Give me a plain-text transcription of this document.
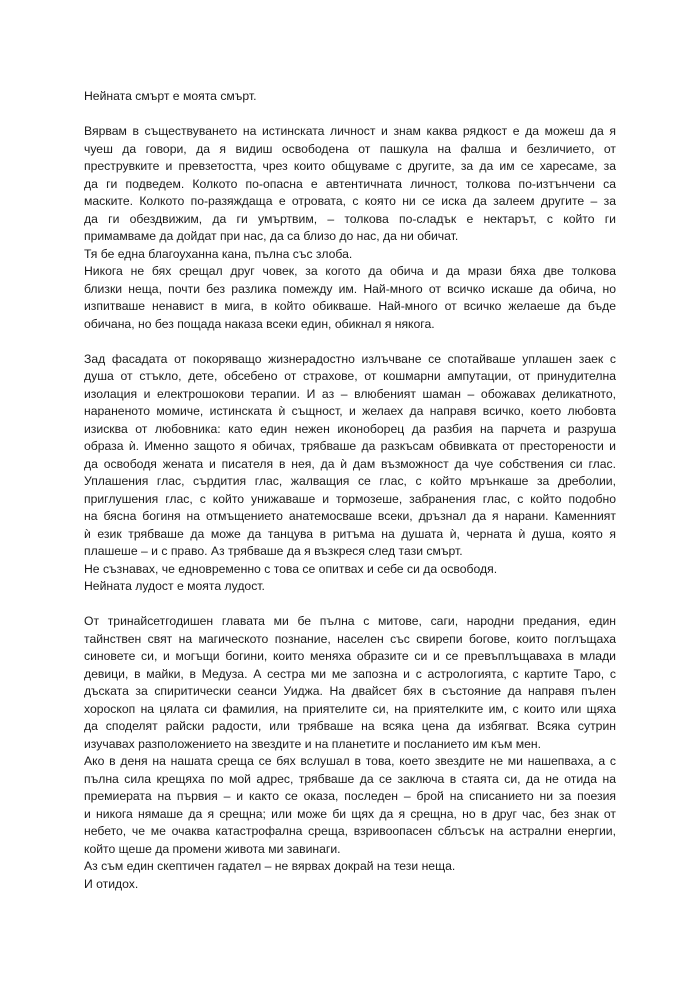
Нейната смърт е моята смърт.
Вярвам в съществуването на истинската личност и знам каква рядкост е да можеш да я
чуеш да говори, да я видиш освободена от пашкула на фалша и безличието, от
преструвките и превзетостта, чрез които общуваме с другите, за да им се харесаме, за
да ги подведем. Колкото по-опасна е автентичната личност, толкова по-изтънчени са
маските. Колкото по-разяждаща е отровата, с която ни се иска да залеем другите – за
да ги обездвижим, да ги умъртвим, – толкова по-сладък е нектарът, с който ги
примамваме да дойдат при нас, да са близо до нас, да ни обичат.
Тя бе една благоуханна кана, пълна със злоба.
Никога не бях срещал друг човек, за когото да обича и да мрази бяха две толкова
близки неща, почти без разлика помежду им. Най-много от всичко искаше да обича, но
изпитваше ненавист в мига, в който обикваше. Най-много от всичко желаеше да бъде
обичана, но без пощада наказа всеки един, обикнал я някога.
Зад фасадата от покоряващо жизнерадостно излъчване се спотайваше уплашен заек с
душа от стъкло, дете, обсебено от страхове, от кошмарни ампутации, от принудителна
изолация и електрошокови терапии. И аз – влюбеният шаман – обожавах деликатното,
нараненото момиче, истинската ѝ същност, и желаех да направя всичко, което любовта
изисква от любовника: като един нежен иконоборец да разбия на парчета и разруша
образа ѝ. Именно защото я обичах, трябваше да разкъсам обвивката от престорености и
да освободя жената и писателя в нея, да ѝ дам възможност да чуе собствения си глас.
Уплашения глас, сърдития глас, жалващия се глас, с който мрънкаше за дреболии,
приглушения глас, с който унижаваше и тормозеше, забранения глас, с който подобно
на бясна богиня на отмъщението анатемосваше всеки, дръзнал да я нарани. Каменният
ѝ език трябваше да може да танцува в ритъма на душата ѝ, черната ѝ душа, която я
плашеше – и с право. Аз трябваше да я възкреся след тази смърт.
Не съзнавах, че едновременно с това се опитвах и себе си да освободя.
Нейната лудост е моята лудост.
От тринайсетгодишен главата ми бе пълна с митове, саги, народни предания, един
тайнствен свят на магическото познание, населен със свирепи богове, които поглъщаха
синовете си, и могъщи богини, които меняха образите си и се превъплъщаваха в млади
девици, в майки, в Медуза. А сестра ми ме запозна и с астрологията, с картите Таро, с
дъската за спиритически сеанси Уиджа. На двайсет бях в състояние да направя пълен
хороскоп на цялата си фамилия, на приятелите си, на приятелките им, с които или щяха
да споделят райски радости, или трябваше на всяка цена да избягват. Всяка сутрин
изучавах разположението на звездите и на планетите и посланието им към мен.
Ако в деня на нашата среща се бях вслушал в това, което звездите не ми нашепваха, а с
пълна сила крещяха по мой адрес, трябваше да се заключа в стаята си, да не отида на
премиерата на първия – и както се оказа, последен – брой на списанието ни за поезия
и никога нямаше да я срещна; или може би щях да я срещна, но в друг час, без знак от
небето, че ме очаква катастрофална среща, взривоопасен сблъсък на астрални енергии,
който щеше да промени живота ми завинаги.
Аз съм един скептичен гадател – не вярвах докрай на тези неща.
И отидох.
